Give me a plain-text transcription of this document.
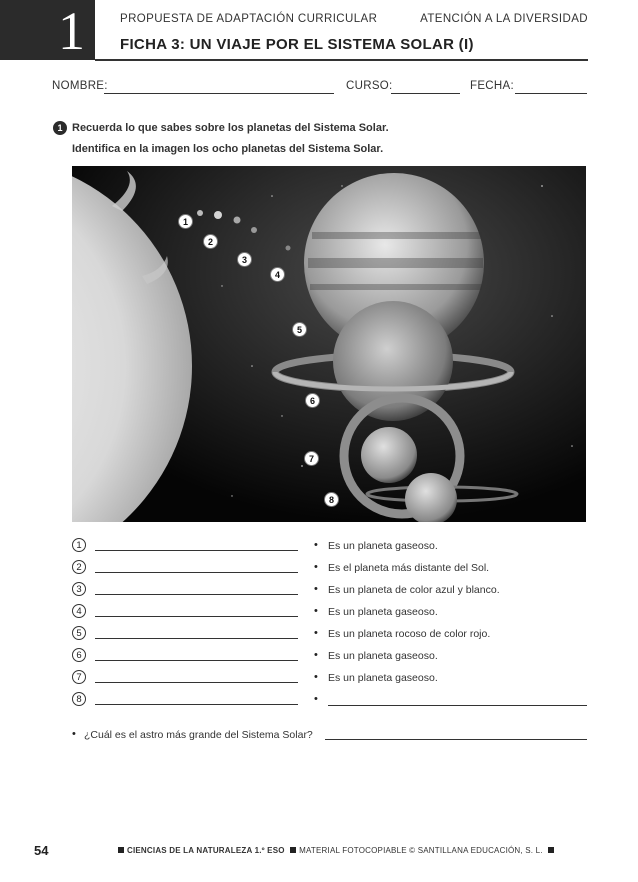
1	PROPUESTA DE ADAPTACIÓN CURRICULAR	ATENCIÓN A LA DIVERSIDAD
FICHA 3: UN VIAJE POR EL SISTEMA SOLAR (I)
NOMBRE:	CURSO:	FECHA:
1 Recuerda lo que sabes sobre los planetas del Sistema Solar.
Identifica en la imagen los ocho planetas del Sistema Solar.
1
2
3
4
5
6
7
8
1	• Es un planeta gaseoso.
2	• Es el planeta más distante del Sol.
3	• Es un planeta de color azul y blanco.
4	• Es un planeta gaseoso.
5	• Es un planeta rocoso de color rojo.
6	• Es un planeta gaseoso.
7	• Es un planeta gaseoso.
8	•
• ¿Cuál es el astro más grande del Sistema Solar?
54	CIENCIAS DE LA NATURALEZA 1.º ESO MATERIAL FOTOCOPIABLE © SANTILLANA EDUCACIÓN, S. L.
